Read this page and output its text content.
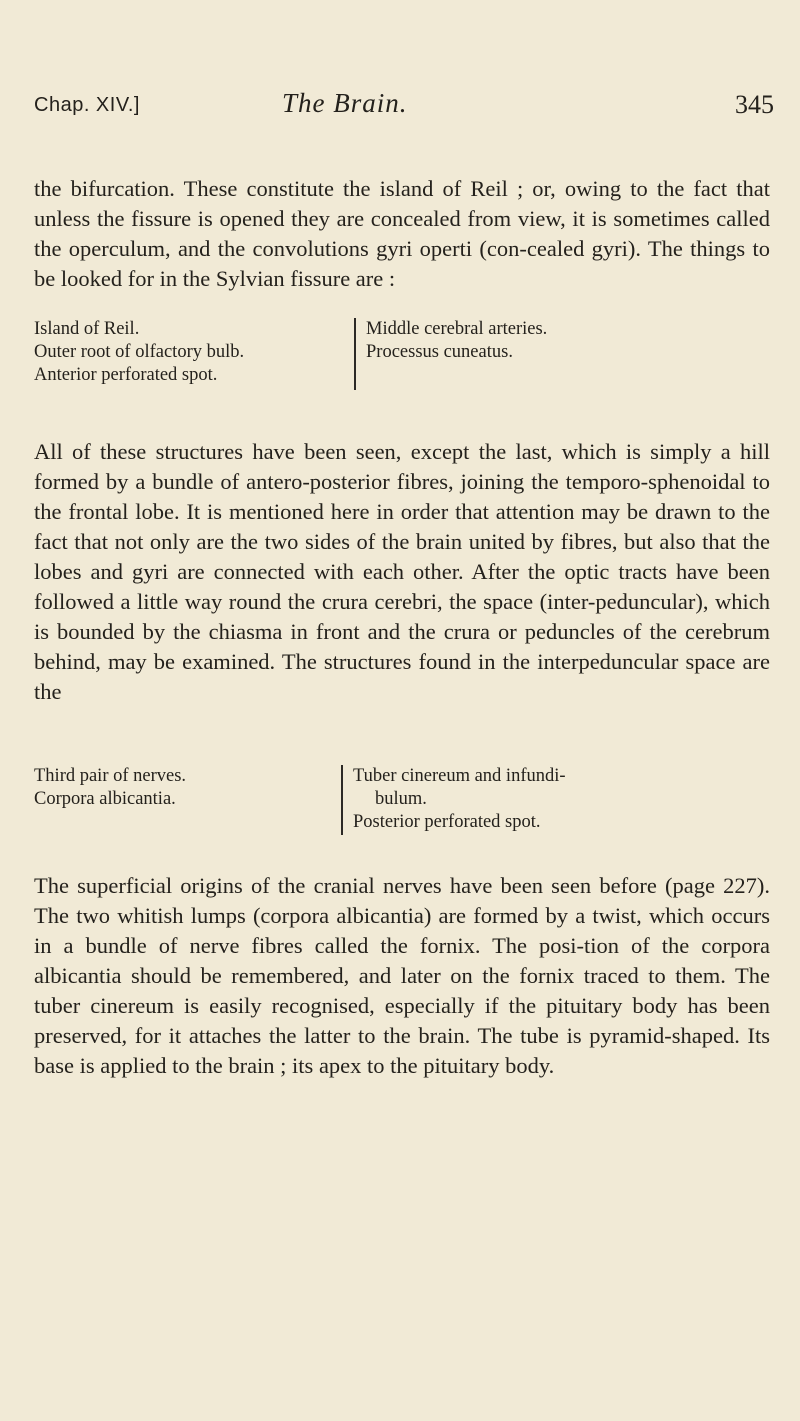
Chap. XIV.]	The Brain.	345

the bifurcation. These constitute the island of Reil ; or, owing to the fact that unless the fissure is opened they are concealed from view, it is sometimes called the operculum, and the convolutions gyri operti (con-cealed gyri). The things to be looked for in the Sylvian fissure are :

Island of Reil.

Outer root of olfactory bulb.

Anterior perforated spot.

Middle cerebral arteries.

Processus cuneatus.

All of these structures have been seen, except the last, which is simply a hill formed by a bundle of antero-posterior fibres, joining the temporo-sphenoidal to the frontal lobe. It is mentioned here in order that attention may be drawn to the fact that not only are the two sides of the brain united by fibres, but also that the lobes and gyri are connected with each other. After the optic tracts have been followed a little way round the crura cerebri, the space (inter-peduncular), which is bounded by the chiasma in front and the crura or peduncles of the cerebrum behind, may be examined. The structures found in the interpeduncular space are the

Third pair of nerves.

Corpora albicantia.

Tuber cinereum and infundi-

bulum.

Posterior perforated spot.

The superficial origins of the cranial nerves have been seen before (page 227). The two whitish lumps (corpora albicantia) are formed by a twist, which occurs in a bundle of nerve fibres called the fornix. The posi-tion of the corpora albicantia should be remembered, and later on the fornix traced to them. The tuber cinereum is easily recognised, especially if the pituitary body has been preserved, for it attaches the latter to the brain. The tube is pyramid-shaped. Its base is applied to the brain ; its apex to the pituitary body.
